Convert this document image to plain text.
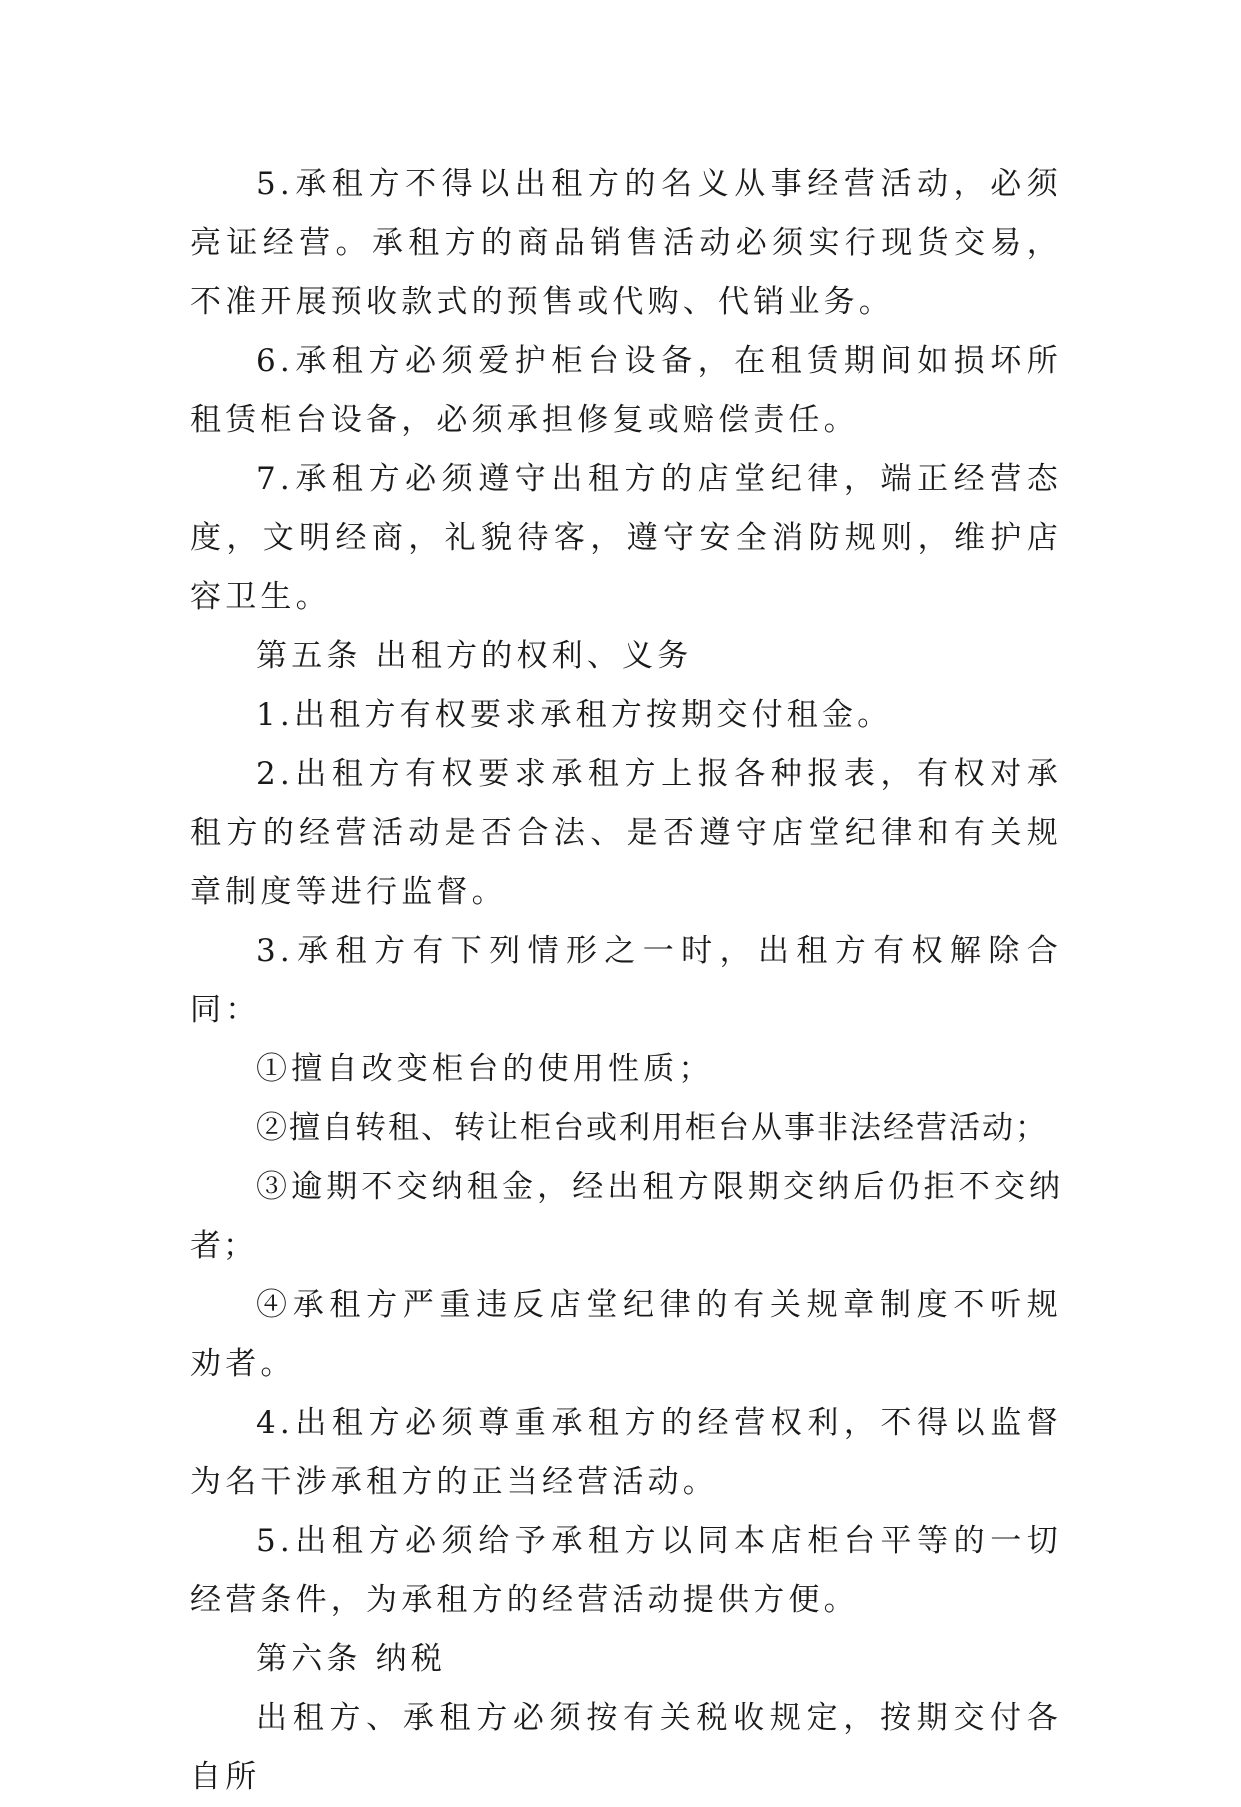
5.承租方不得以出租方的名义从事经营活动，必须亮证经营。承租方的商品销售活动必须实行现货交易，不准开展预收款式的预售或代购、代销业务。

6.承租方必须爱护柜台设备，在租赁期间如损坏所租赁柜台设备，必须承担修复或赔偿责任。

7.承租方必须遵守出租方的店堂纪律，端正经营态度，文明经商，礼貌待客，遵守安全消防规则，维护店容卫生。

第五条 出租方的权利、义务

1.出租方有权要求承租方按期交付租金。

2.出租方有权要求承租方上报各种报表，有权对承租方的经营活动是否合法、是否遵守店堂纪律和有关规章制度等进行监督。

3.承租方有下列情形之一时，出租方有权解除合同：

①擅自改变柜台的使用性质；

②擅自转租、转让柜台或利用柜台从事非法经营活动；

③逾期不交纳租金，经出租方限期交纳后仍拒不交纳者；

④承租方严重违反店堂纪律的有关规章制度不听规劝者。

4.出租方必须尊重承租方的经营权利，不得以监督为名干涉承租方的正当经营活动。

5.出租方必须给予承租方以同本店柜台平等的一切经营条件，为承租方的经营活动提供方便。

第六条 纳税

出租方、承租方必须按有关税收规定，按期交付各自所
